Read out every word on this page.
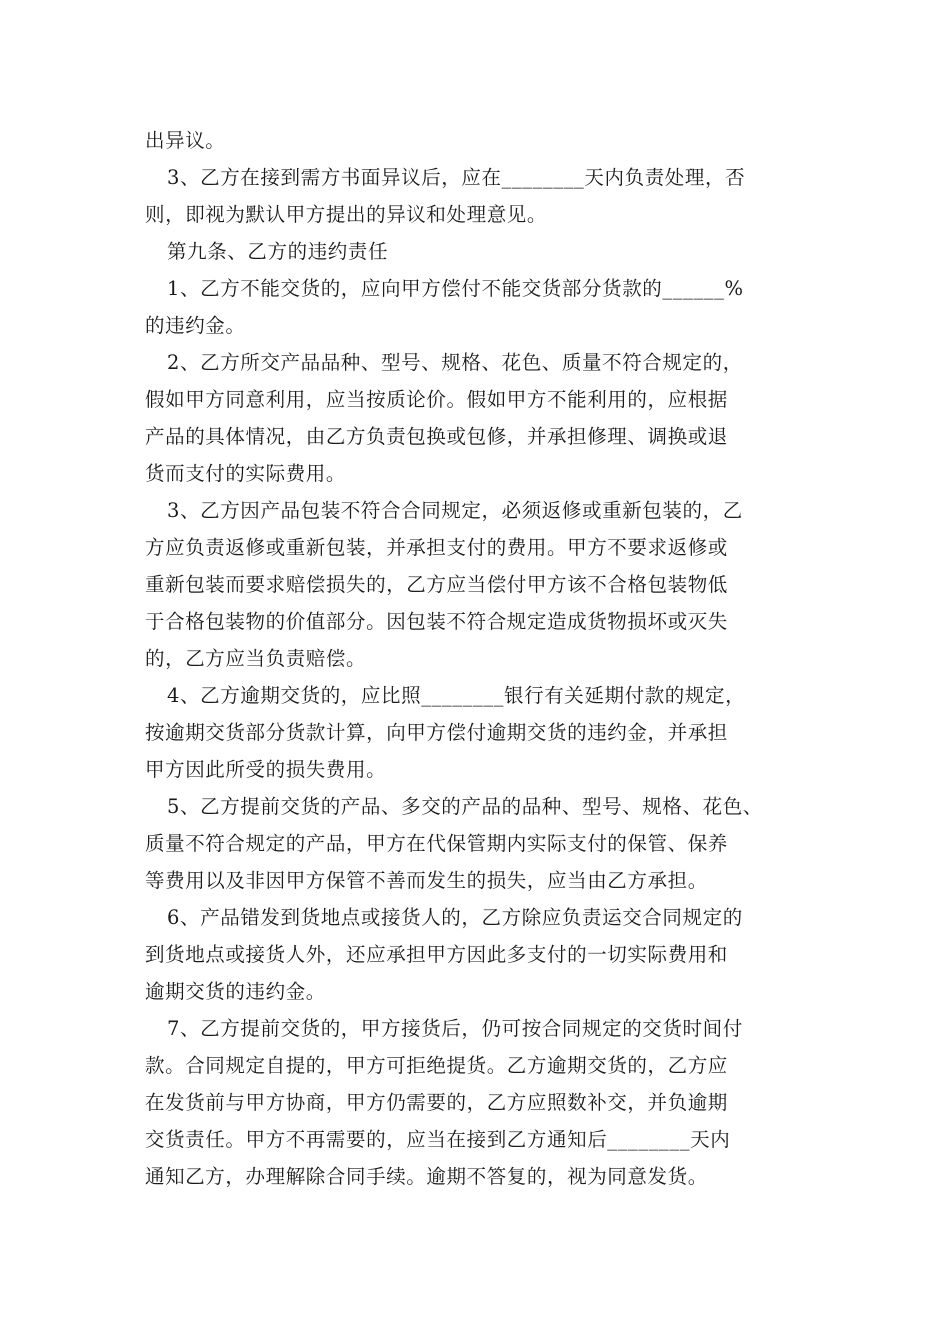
出异议。
3、乙方在接到需方书面异议后，应在________天内负责处理，否
则，即视为默认甲方提出的异议和处理意见。
第九条、乙方的违约责任
1、乙方不能交货的，应向甲方偿付不能交货部分货款的______%
的违约金。
2、乙方所交产品品种、型号、规格、花色、质量不符合规定的，
假如甲方同意利用，应当按质论价。假如甲方不能利用的，应根据
产品的具体情况，由乙方负责包换或包修，并承担修理、调换或退
货而支付的实际费用。
3、乙方因产品包装不符合合同规定，必须返修或重新包装的，乙
方应负责返修或重新包装，并承担支付的费用。甲方不要求返修或
重新包装而要求赔偿损失的，乙方应当偿付甲方该不合格包装物低
于合格包装物的价值部分。因包装不符合规定造成货物损坏或灭失
的，乙方应当负责赔偿。
4、乙方逾期交货的，应比照________银行有关延期付款的规定，
按逾期交货部分货款计算，向甲方偿付逾期交货的违约金，并承担
甲方因此所受的损失费用。
5、乙方提前交货的产品、多交的产品的品种、型号、规格、花色、
质量不符合规定的产品，甲方在代保管期内实际支付的保管、保养
等费用以及非因甲方保管不善而发生的损失，应当由乙方承担。
6、产品错发到货地点或接货人的，乙方除应负责运交合同规定的
到货地点或接货人外，还应承担甲方因此多支付的一切实际费用和
逾期交货的违约金。
7、乙方提前交货的，甲方接货后，仍可按合同规定的交货时间付
款。合同规定自提的，甲方可拒绝提货。乙方逾期交货的，乙方应
在发货前与甲方协商，甲方仍需要的，乙方应照数补交，并负逾期
交货责任。甲方不再需要的，应当在接到乙方通知后________天内
通知乙方，办理解除合同手续。逾期不答复的，视为同意发货。
